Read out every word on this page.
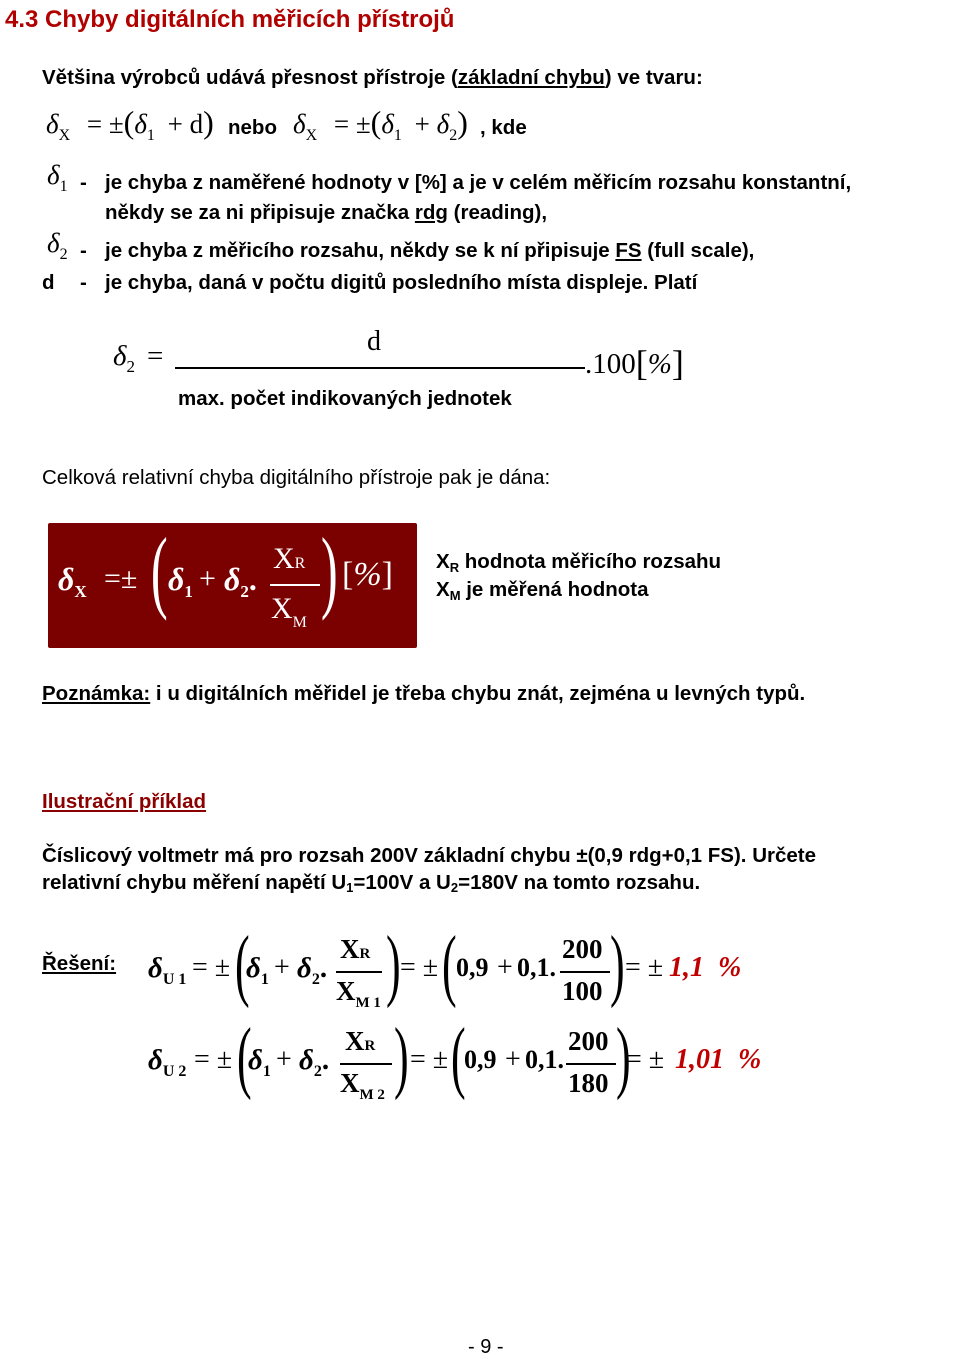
4.3 Chyby digitálních měřicích přístrojů
Většina výrobců udává přesnost přístroje (základní chybu) ve tvaru:
$\delta_X = \pm(\delta_1 + d)$ nebo $\delta_X = \pm(\delta_1 + \delta_2)$ , kde
$\delta_1$ - je chyba z naměřené hodnoty v [%] a je v celém měřicím rozsahu konstantní,
někdy se za ni připisuje značka rdg (reading),
$\delta_2$ - je chyba z měřicího rozsahu, někdy se k ní připisuje FS (full scale),
d - je chyba, daná v počtu digitů posledního místa displeje. Platí
$\delta_2$ =	d
max. počet indikovaných jednotek
.100[%]
Celková relativní chyba digitálního přístroje pak je dána:
$\delta_X$ =± ( $\delta_1 + \delta_2$.
XR
$X_M$
) [%] XR hodnota měřicího rozsahu
XM je měřená hodnota
Poznámka: i u digitálních měřidel je třeba chybu znát, zejména u levných typů.
Ilustrační příklad
Číslicový voltmetr má pro rozsah 200V základní chybu ±(0,9 rdg+0,1 FS). Určete
relativní chybu měření napětí U1=100V a U2=180V na tomto rozsahu.
Řešení: $\delta_{U 1}$ = ± (
$\delta_1 + \delta_2$.
XR
$X_{M 1}$ ) = ± ( 0,9 + 0,1.
200
100 ) = ± 1,1 %
$\delta_{U 2}$ = ± (
$\delta_1 + \delta_2$.
XR
$X_{M 2}$ ) = ± (
0,9 + 0,1.
200
180 )
= ± 1,01 %
- 9 -
